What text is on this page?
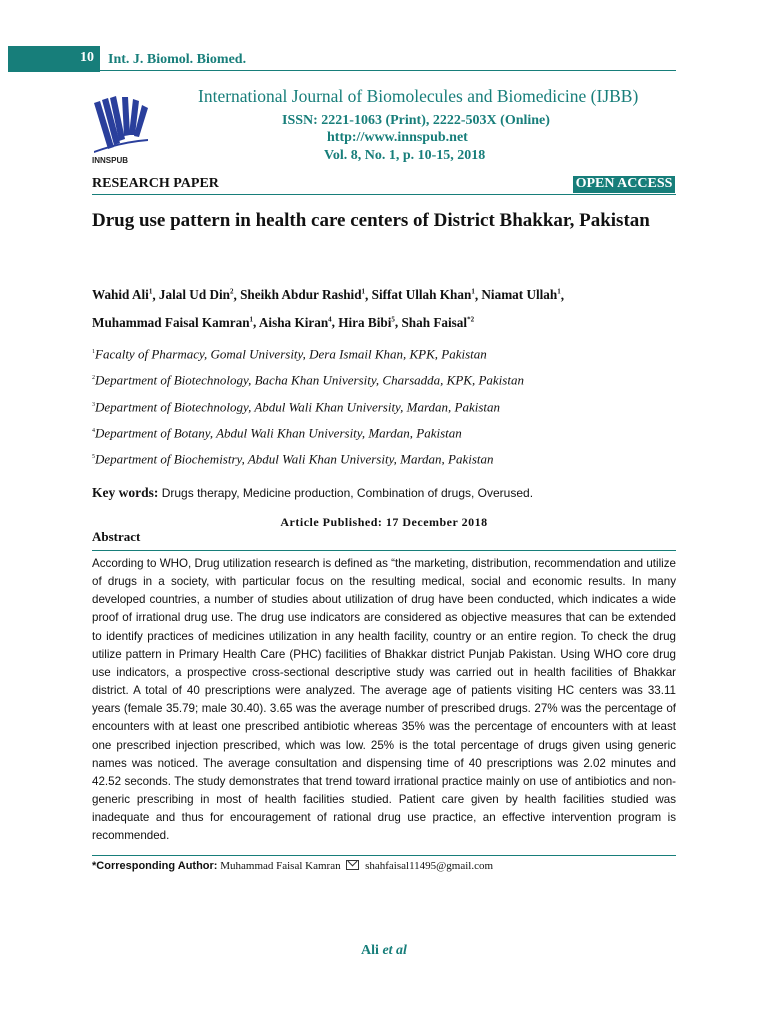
10 Int. J. Biomol. Biomed.
INNSPUB
International Journal of Biomolecules and Biomedicine (IJBB)
ISSN: 2221-1063 (Print), 2222-503X (Online)
http://www.innspub.net
Vol. 8, No. 1, p. 10-15, 2018
RESEARCH PAPER	OPEN ACCESS
Drug use pattern in health care centers of District Bhakkar, Pakistan
Wahid Ali$^1$, Jalal Ud Din$^2$, Sheikh Abdur Rashid$^1$, Siffat Ullah Khan$^1$, Niamat Ullah$^1$,
Muhammad Faisal Kamran$^1$, Aisha Kiran$^4$, Hira Bibi$^5$, Shah Faisal$^{*2}$
$^1$Facalty of Pharmacy, Gomal University, Dera Ismail Khan, KPK, Pakistan
$^2$Department of Biotechnology, Bacha Khan University, Charsadda, KPK, Pakistan
$^3$Department of Biotechnology, Abdul Wali Khan University, Mardan, Pakistan
$^4$Department of Botany, Abdul Wali Khan University, Mardan, Pakistan
$^5$Department of Biochemistry, Abdul Wali Khan University, Mardan, Pakistan
Key words: Drugs therapy, Medicine production, Combination of drugs, Overused.
Article Published: 17 December 2018
Abstract
According to WHO, Drug utilization research is defined as “the marketing, distribution, recommendation and utilize of drugs in a society, with particular focus on the resulting medical, social and economic results. In many developed countries, a number of studies about utilization of drug have been conducted, which indicates a wide proof of irrational drug use. The drug use indicators are considered as objective measures that can be extended to identify practices of medicines utilization in any health facility, country or an entire region. To check the drug utilize pattern in Primary Health Care (PHC) facilities of Bhakkar district Punjab Pakistan. Using WHO core drug use indicators, a prospective cross-sectional descriptive study was carried out in health facilities of Bhakkar district. A total of 40 prescriptions were analyzed. The average age of patients visiting HC centers was 33.11 years (female 35.79; male 30.40). 3.65 was the average number of prescribed drugs. 27% was the percentage of encounters with at least one prescribed antibiotic whereas 35% was the percentage of encounters with at least one prescribed injection prescribed, which was low. 25% is the total percentage of drugs given using generic names was noticed. The average consultation and dispensing time of 40 prescriptions was 2.02 minutes and 42.52 seconds. The study demonstrates that trend toward irrational practice mainly on use of antibiotics and non-generic prescribing in most of health facilities studied. Patient care given by health facilities studied was inadequate and thus for encouragement of rational drug use practice, an effective intervention program is recommended.
*Corresponding Author: Muhammad Faisal Kamran shahfaisal11495@gmail.com
Ali et al
